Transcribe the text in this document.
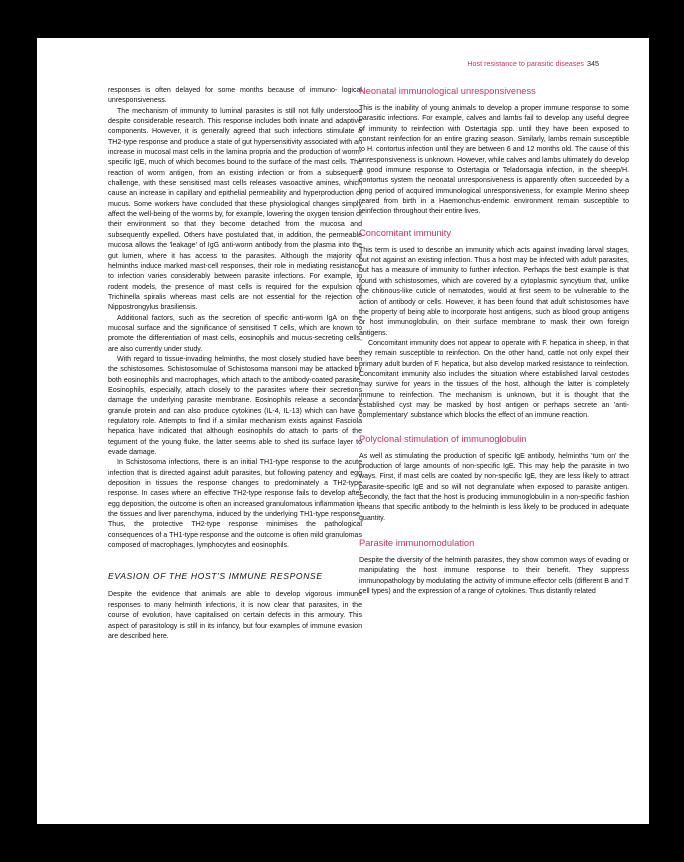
Host resistance to parasitic diseases 345

responses is often delayed for some months because of immuno- logical unresponsiveness.

The mechanism of immunity to luminal parasites is still not fully understood despite considerable research. This response includes both innate and adaptive components. However, it is generally agreed that such infections stimulate a TH2-type response and produce a state of gut hypersensitivity associated with an increase in mucosal mast cells in the lamina propria and the production of worm-specific IgE, much of which becomes bound to the surface of the mast cells. The reaction of worm antigen, from an existing infection or from a subsequent challenge, with these sensitised mast cells releases vasoactive amines, which cause an increase in capillary and epithelial permeability and hyperproduction of mucus. Some workers have concluded that these physiological changes simply affect the well-being of the worms by, for example, lowering the oxygen tension of their environment so that they become detached from the mucosa and subsequently expelled. Others have postulated that, in addition, the permeable mucosa allows the 'leakage' of IgG anti-worm antibody from the plasma into the gut lumen, where it has access to the parasites. Although the majority of helminths induce marked mast-cell responses, their role in mediating resistance to infection varies considerably between parasite infections. For example, in rodent models, the presence of mast cells is required for the expulsion of Trichinella spiralis whereas mast cells are not essential for the rejection of Nippostrongylus brasiliensis.

Additional factors, such as the secretion of specific anti-worm IgA on the mucosal surface and the significance of sensitised T cells, which are known to promote the differentiation of mast cells, eosinophils and mucus-secreting cells, are also currently under study.

With regard to tissue-invading helminths, the most closely studied have been the schistosomes. Schistosomulae of Schistosoma mansoni may be attacked by both eosinophils and macrophages, which attach to the antibody-coated parasite. Eosinophils, especially, attach closely to the parasites where their secretions damage the underlying parasite membrane. Eosinophils release a secondary granule protein and can also produce cytokines (IL-4, IL-13) which can have a regulatory role. Attempts to find if a similar mechanism exists against Fasciola hepatica have indicated that although eosinophils do attach to parts of the tegument of the young fluke, the latter seems able to shed its surface layer to evade damage.

In Schistosoma infections, there is an initial TH1-type response to the acute infection that is directed against adult parasites, but following patency and egg deposition in tissues the response changes to predominately a TH2-type response. In cases where an effective TH2-type response fails to develop after egg deposition, the outcome is often an increased granulomatous inflammation in the tissues and liver parenchyma, induced by the underlying TH1-type response. Thus, the protective TH2-type response minimises the pathological consequences of a TH1-type response and the outcome is often mild granulomas composed of macrophages, lymphocytes and eosinophils.

EVASION OF THE HOST'S IMMUNE RESPONSE

Despite the evidence that animals are able to develop vigorous immune responses to many helminth infections, it is now clear that parasites, in the course of evolution, have capitalised on certain defects in this armoury. This aspect of parasitology is still in its infancy, but four examples of immune evasion are described here.

Neonatal immunological unresponsiveness

This is the inability of young animals to develop a proper immune response to some parasitic infections. For example, calves and lambs fail to develop any useful degree of immunity to reinfection with Ostertagia spp. until they have been exposed to constant reinfection for an entire grazing season. Similarly, lambs remain susceptible to H. contortus infection until they are between 6 and 12 months old. The cause of this unresponsiveness is unknown. However, while calves and lambs ultimately do develop a good immune response to Ostertagia or Teladorsagia infection, in the sheep/H. contortus system the neonatal unresponsiveness is apparently often succeeded by a long period of acquired immunological unresponsiveness, for example Merino sheep reared from birth in a Haemonchus-endemic environment remain susceptible to reinfection throughout their entire lives.

Concomitant immunity

This term is used to describe an immunity which acts against invading larval stages, but not against an existing infection. Thus a host may be infected with adult parasites, but has a measure of immunity to further infection. Perhaps the best example is that found with schistosomes, which are covered by a cytoplasmic syncytium that, unlike the chitinous-like cuticle of nematodes, would at first seem to be vulnerable to the action of antibody or cells. However, it has been found that adult schistosomes have the property of being able to incorporate host antigens, such as blood group antigens or host immunoglobulin, on their surface membrane to mask their own foreign antigens.

Concomitant immunity does not appear to operate with F. hepatica in sheep, in that they remain susceptible to reinfection. On the other hand, cattle not only expel their primary adult burden of F. hepatica, but also develop marked resistance to reinfection. Concomitant immunity also includes the situation where established larval cestodes may survive for years in the tissues of the host, although the latter is completely immune to reinfection. The mechanism is unknown, but it is thought that the established cyst may be masked by host antigen or perhaps secrete an 'anti-complementary' substance which blocks the effect of an immune reaction.

Polyclonal stimulation of immunoglobulin

As well as stimulating the production of specific IgE antibody, helminths 'turn on' the production of large amounts of non-specific IgE. This may help the parasite in two ways. First, if mast cells are coated by non-specific IgE, they are less likely to attract parasite-specific IgE and so will not degranulate when exposed to parasite antigen. Secondly, the fact that the host is producing immunoglobulin in a non-specific fashion means that specific antibody to the helminth is less likely to be produced in adequate quantity.

Parasite immunomodulation

Despite the diversity of the helminth parasites, they show common ways of evading or manipulating the host immune response to their benefit. They suppress immunopathology by modulating the activity of immune effector cells (different B and T cell types) and the expression of a range of cytokines. Thus distantly related
